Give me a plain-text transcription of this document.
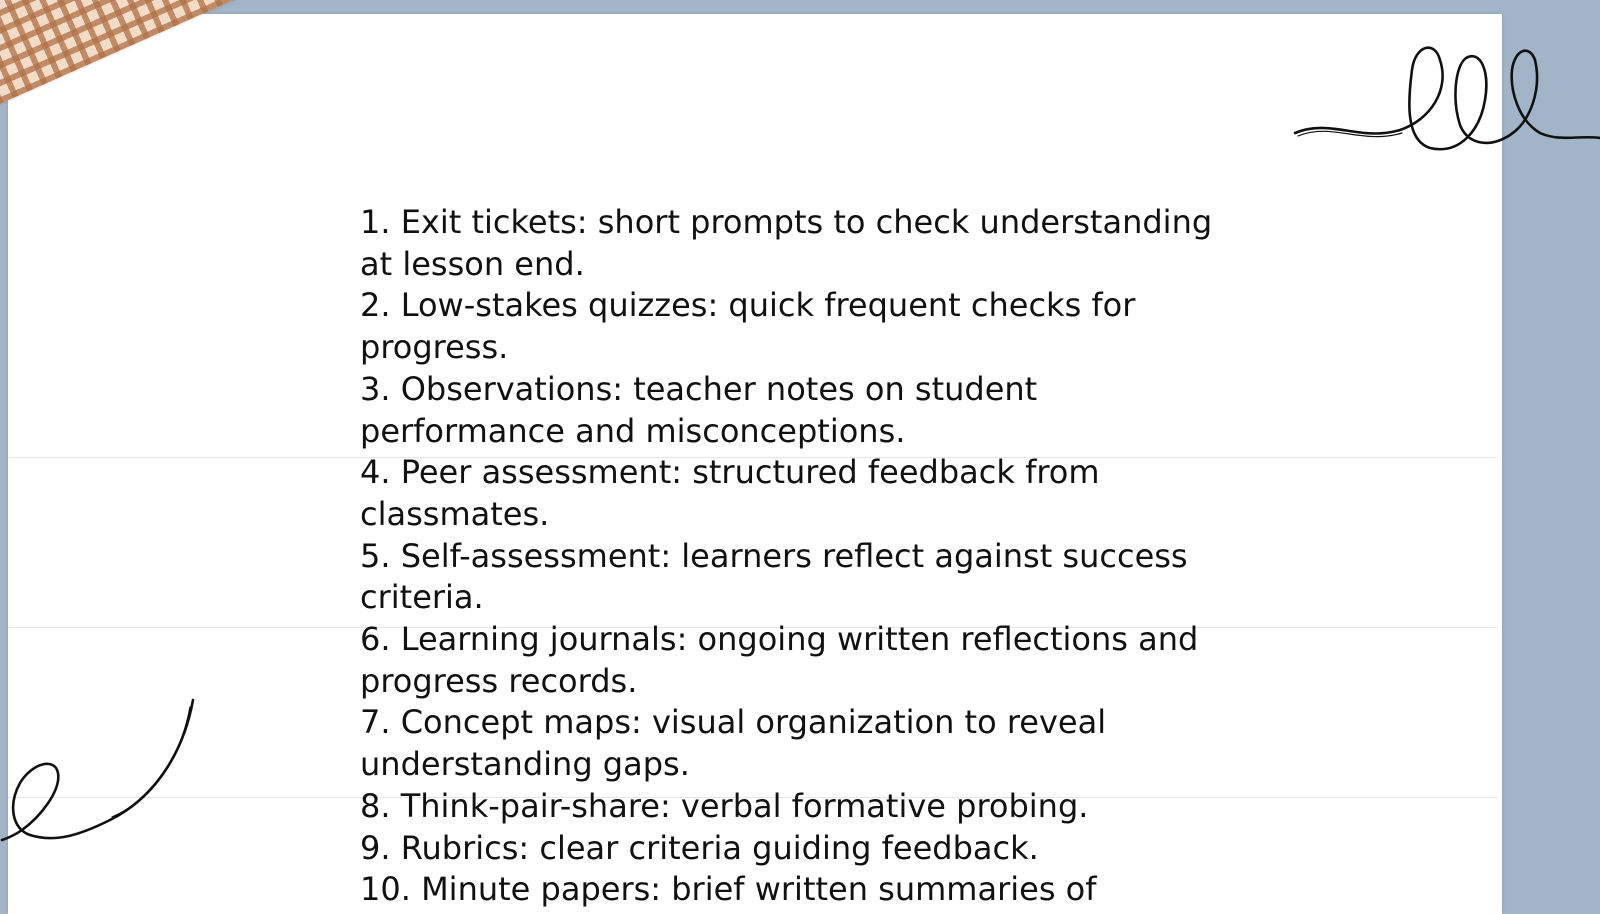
1. Exit tickets: short prompts to check understanding at lesson end.

2. Low-stakes quizzes: quick frequent checks for progress.

3. Observations: teacher notes on student performance and misconceptions.

4. Peer assessment: structured feedback from classmates.

5. Self-assessment: learners reflect against success criteria.

6. Learning journals: ongoing written reflections and progress records.

7. Concept maps: visual organization to reveal understanding gaps.

8. Think-pair-share: verbal formative probing.

9. Rubrics: clear criteria guiding feedback.

10. Minute papers: brief written summaries of
